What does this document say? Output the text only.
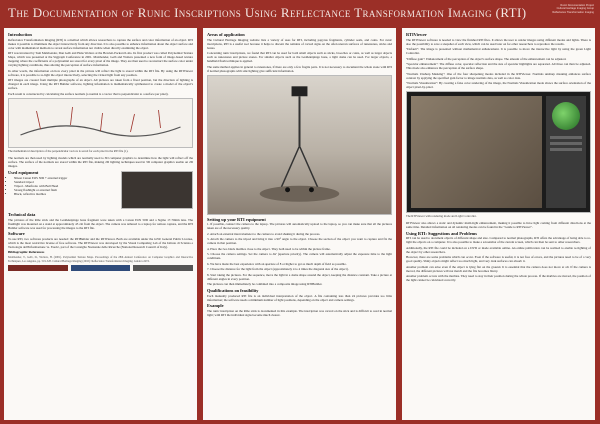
The Documentation of Runic Inscriptions Using Reflectance Transformation Imaging (RTI)	Runic Documentation Project
Cultural Heritage Imaging Group
Reflectance Transformation Imaging
Introduction

Reflectance Transformation Imaging (RTI) is a method which allows researchers to capture the surface and color information of an object. RTI makes it possible to illuminate the object interactively from any direction. It is also possible to enhance information about the object surface and color with mathematical methods to reveal surface information not visible when directly examining the object.

RTI was invented by Tom Malzbender, Dan Gelb and Hans Wolters at the Hewlett-Packard Labs. Its first product was called Polynomial Texture Maps, which was presented at the Siggraph Conference in 2001. Malzbender, Gelb and Wolters presented a new form of image-based texture mapping where the coefficients of a polynomial are stored for every pixel of the image. They are then used to reconstruct the surface color under varying lighting conditions, thus altering the perception of surface information.

In other words, the information on how every pixel in the picture will reflect the light is stored within the RTI file. By using the RTIViewer software, it is possible to re-light the object interactively, selecting the virtual light from any position.

RTI images are created from multiple photographs of an object. All pictures are taken from a fixed position, but the direction of lighting is changed in each image. Using the RTI Builder software, lighting information is mathematically synthesized to create a model of the object's surface.

Each result is constructed by calculating the surface normals (a normal is a vector that is perpendicular to a surface per pixel).

The mathematical description of the perpendicular vectors is saved for each pixel in the RTI file (1).

The normals are then used by lighting models which are normally used to 3D computer graphics to determine how the light will reflect off the surface. The surface of the normals are stored within the RTI file, making 2D lighting techniques used in 3D computer graphics usable on 2D images.

Used equipment
• Nikon Canon EOS 50D + external trigger
• Standard tripod
• Tripod - Manfrotto with Ball Head
• Strong flashlight or external flash
• Black, reflective marbles
Technical data

The pictures of the Ribe stick and the Løddeköpinge bone fragment were taken with a Canon EOS 50D and a Sigma 17-70mm lens. The flashlight was mounted on a stand at approximately 45 cm from the object. The camera was tethered to a laptop for remote capture, and the RTI Builder software was used for processing the images to the RTI file.

Software

To use RTI, two software products are needed: the RTIBuilder and the RTIViewer. Both are available under the GNU General Public License, which is the most restrictive license of free software. The RTIViewer was developed by the Visual Computing Lab of the Istituto di Scienza e Tecnologie dell'Informazione 'A. Faedo', part of the Consiglio Nazionale delle Ricerche (National Research Council of Italy).

Bibliographic References

Malzbender, T., Gelb, D., Wolters, H. (2001). Polynomial Texture Maps. Proceedings of the 28th Annual Conference on Computer Graphics and Interactive Techniques, Los Angeles, pp. 519-528. Cultural Heritage Imaging (2010): Reflectance Transformation Imaging. Guide to RTI.

Areas of application

The Cultural Heritage Imaging website lists a variety of uses for RTI, including papyrus fragments, cylinder seals, and coins. For runic inscriptions, RTI is a useful tool because it helps to discern the remains of carved signs on the often uneven surfaces of runestones, sticks and bones.

Concerning runic inscriptions, we found that RTI can be used for both small objects such as sticks, brooches or coins, as well as larger objects such as runestones and picture stones. For smaller objects such as the Løddeköpinge bone, a light dome can be used. For larger objects, a handheld flash technique is applied.

The same method applies in general to runestones, if there are only a few fragile parts. It is not necessary to document the whole stone with RTI if normal photographs with side lighting give sufficient information.

Setting up your RTI equipment

1. If possible, connect the camera to the laptop. The pictures will automatically upload to the laptop, so you can make sure that all the pictures taken are of the necessary quality.

2. Attach an external intervalometer to the camera to avoid shaking it during the process.

3. Attach the camera to the tripod and bring it into a 90° angle to the object. Choose the section of the object you want to capture and fix the camera in that position.

4. Place the two black marbles close to the object. They both need to be within the picture frame.

5. Choose the camera settings. Set the camera to AV (aperture priority). The camera will automatically adjust the exposure time to the light conditions.

6. We have made the best experience with an aperture of 8 or higher to get as much depth of field as possible.

7. Choose the distance for the light from the object (approximately 4 to 4 times the diagonal size of the object).

8. Start taking the pictures. For the sequence, move the light in a dome shape around the object, keeping the distance constant. Take a picture at different angles in every position.

The pictures can then immediately be combined into a composite image using RTIBuilder.

Qualifications on feasibility

Each manually produced RTI file is an individual interpretation of the object. A file containing less than 24 pictures provides too little information; the software needs a minimum number of light positions, depending on the object and camera settings.

Example

The runic inscription on the Ribe stick is documented in this example. The inscription was carved on the stick and is difficult to read in normal light; with RTI the individual signs become much clearer.

RTIViewer

The RTIViewer software is needed to view the finished RTI files. It allows the user to render images using different modes and lights. There is also the possibility to save a snapshot of each view, which can be used later on for other researchers to reproduce the results.

"Default": The image is presented without mathematical enhancement. It is possible to move the interactive light by using the green Light Controller.

"Diffuse gain": Enhancement of the perception of the object's surface shape. The amount of the enhancement can be adjusted.

"Specular enhancement": The diffuse color, specular reflection and the size of specular highlights are separated. All three can then be adjusted. This mode also enhances the perception of the surface shape.

"Normals Unsharp Masking": One of the four sharpening modes included in the RTIViewer. Normals unsharp masking enhances surface contrast by applying the specified gain factor to image normals data, as well as color data.

"Normals Visualization": By creating a false color rendering of the image, the Normals Visualization mode shows the surface orientation of the object pixel-by-pixel.

The RTIViewer with rendering mode and Light Controller.

RTIViewer also allows a static and dynamic multi-light enhancement, making it possible to have light coming from different directions at the same time. Detailed information on all rendering modes can be found in the "Guide to RTIViewer".

Using RTI: Suggestions and Problems

RTI can be used to document objects of different shape and size. Compared to normal photographs, RTI offers the advantage of being able to re-light the objects on a computer. It is also possible to make a screenshot of the current screen, which can then be sent to other researchers.

Additionally, the RTI file could be included on a DVD or made available online. An online publication can be realized to enable re-lighting of the object by other researchers.

However, there are some problems which can occur. Even if the software is useful, it is not free of errors, and the pictures need to be of a very good quality. Shiny objects might reflect too much light, and very dark surfaces can absorb it.

Another problem can arise even if the object is lying flat on the ground. It is essential that the camera does not move at all. If the camera is moved, the different pictures will not match and the file becomes blurry.

Another problem occurs with the marbles. They need to stay in their position during the whole process. If the marbles are moved, the position of the light cannot be calculated correctly.
